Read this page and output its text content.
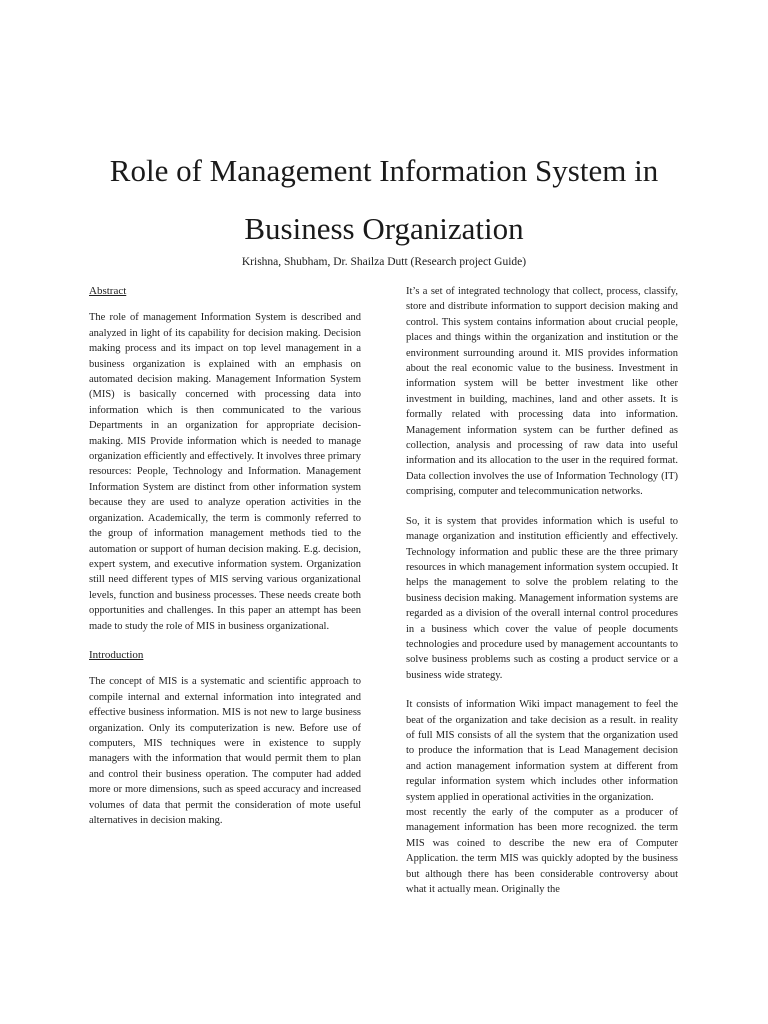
Role of Management Information System in
Business Organization
Krishna, Shubham, Dr. Shailza Dutt (Research project Guide)
Abstract

The role of management Information System is described and analyzed in light of its capability for decision making. Decision making process and its impact on top level management in a business organization is explained with an emphasis on automated decision making. Management Information System (MIS) is basically concerned with processing data into information which is then communicated to the various Departments in an organization for appropriate decision-making. MIS Provide information which is needed to manage organization efficiently and effectively. It involves three primary resources: People, Technology and Information. Management Information System are distinct from other information system because they are used to analyze operation activities in the organization. Academically, the term is commonly referred to the group of information management methods tied to the automation or support of human decision making. E.g. decision, expert system, and executive information system. Organization still need different types of MIS serving various organizational levels, function and business processes. These needs create both opportunities and challenges. In this paper an attempt has been made to study the role of MIS in business organizational.

Introduction

The concept of MIS is a systematic and scientific approach to compile internal and external information into integrated and effective business information. MIS is not new to large business organization. Only its computerization is new. Before use of computers, MIS techniques were in existence to supply managers with the information that would permit them to plan and control their business operation. The computer had added more or more dimensions, such as speed accuracy and increased volumes of data that permit the consideration of mote useful alternatives in decision making.

It’s a set of integrated technology that collect, process, classify, store and distribute information to support decision making and control. This system contains information about crucial people, places and things within the organization and institution or the environment surrounding around it. MIS provides information about the real economic value to the business. Investment in information system will be better investment like other investment in building, machines, land and other assets. It is formally related with processing data into information. Management information system can be further defined as collection, analysis and processing of raw data into useful information and its allocation to the user in the required format. Data collection involves the use of Information Technology (IT) comprising, computer and telecommunication networks.

So, it is system that provides information which is useful to manage organization and institution efficiently and effectively. Technology information and public these are the three primary resources in which management information system occupied. It helps the management to solve the problem relating to the business decision making. Management information systems are regarded as a division of the overall internal control procedures in a business which cover the value of people documents technologies and procedure used by management accountants to solve business problems such as costing a product service or a business wide strategy.

It consists of information Wiki impact management to feel the beat of the organization and take decision as a result. in reality of full MIS consists of all the system that the organization used to produce the information that is Lead Management decision and action management information system at different from regular information system which includes other information system applied in operational activities in the organization.

most recently the early of the computer as a producer of management information has been more recognized. the term MIS was coined to describe the new era of Computer Application. the term MIS was quickly adopted by the business but although there has been considerable controversy about what it actually mean. Originally the
